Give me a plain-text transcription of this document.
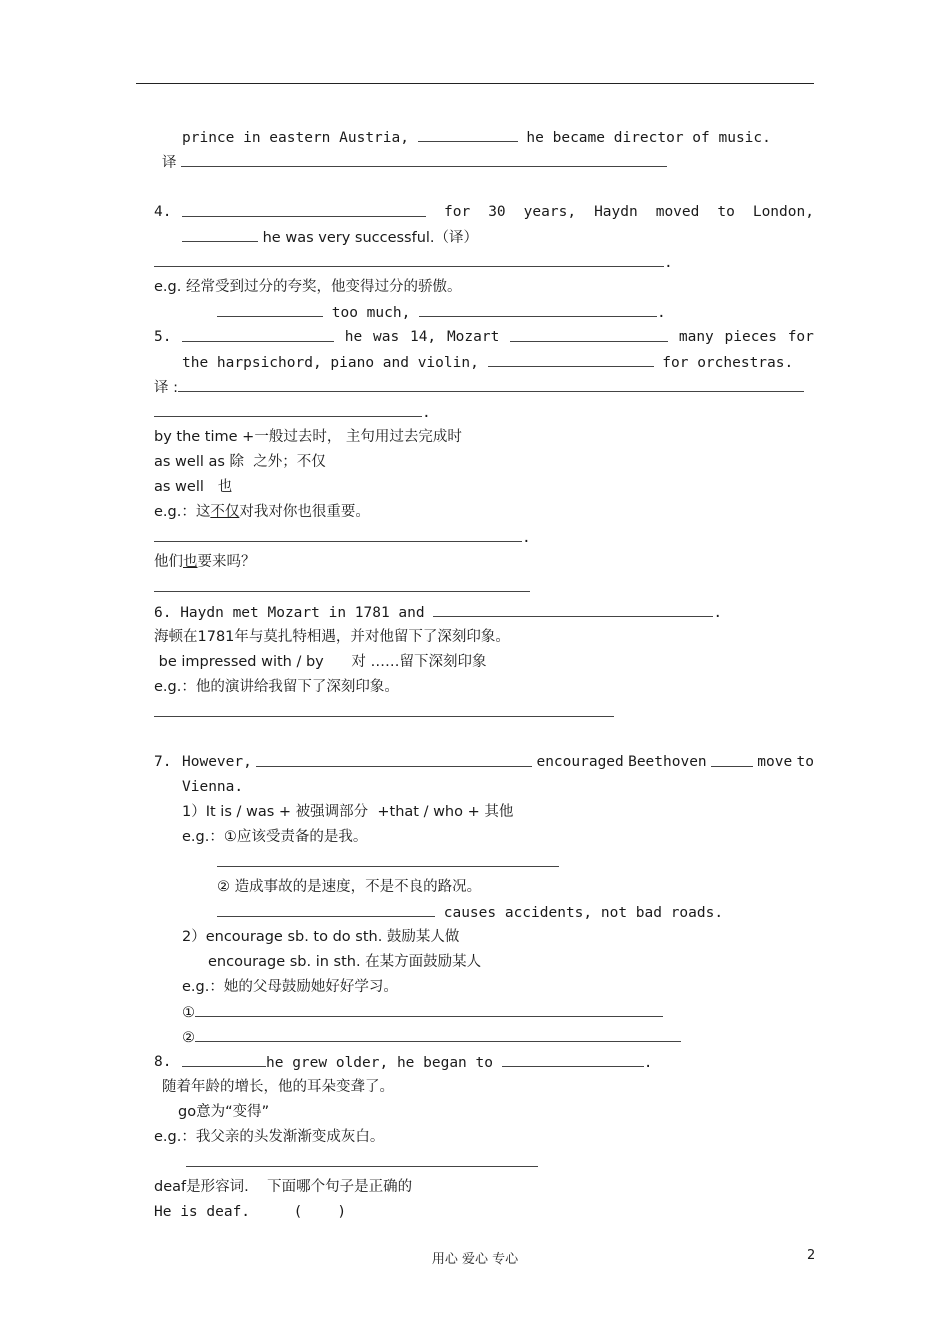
prince in eastern Austria,	he became director of music.
译
4.	for 30 years, Haydn moved to London,
he was very successful.（译）
.
e.g. 经常受到过分的夸奖，他变得过分的骄傲。
too much,	.
5.	he was 14, Mozart	many pieces for
the harpsichord, piano and violin,	for orchestras.
译 :
.
by the time +一般过去时， 主句用过去完成时
as well as 除  之外；不仅
as well   也
e.g.：这不仅对我对你也很重要。
.
他们也要来吗？
6. Haydn met Mozart in 1781 and	.
海顿在1781年与莫扎特相遇，并对他留下了深刻印象。
be impressed with / by      对 ……留下深刻印象
e.g.：他的演讲给我留下了深刻印象。
7. However,	encouraged Beethoven	move to
Vienna.
1）It is / was + 被强调部分  +that / who + 其他
e.g.：①应该受责备的是我。
② 造成事故的是速度，不是不良的路况。
causes accidents, not bad roads.
2）encourage sb. to do sth. 鼓励某人做
encourage sb. in sth. 在某方面鼓励某人
e.g.：她的父母鼓励她好好学习。
①
②
8.	he grew older, he began to	.
随着年龄的增长，他的耳朵变聋了。
go意为“变得”
e.g.：我父亲的头发渐渐变成灰白。
deaf是形容词.    下面哪个句子是正确的
He is deaf.     (    )
用心 爱心 专心	2
